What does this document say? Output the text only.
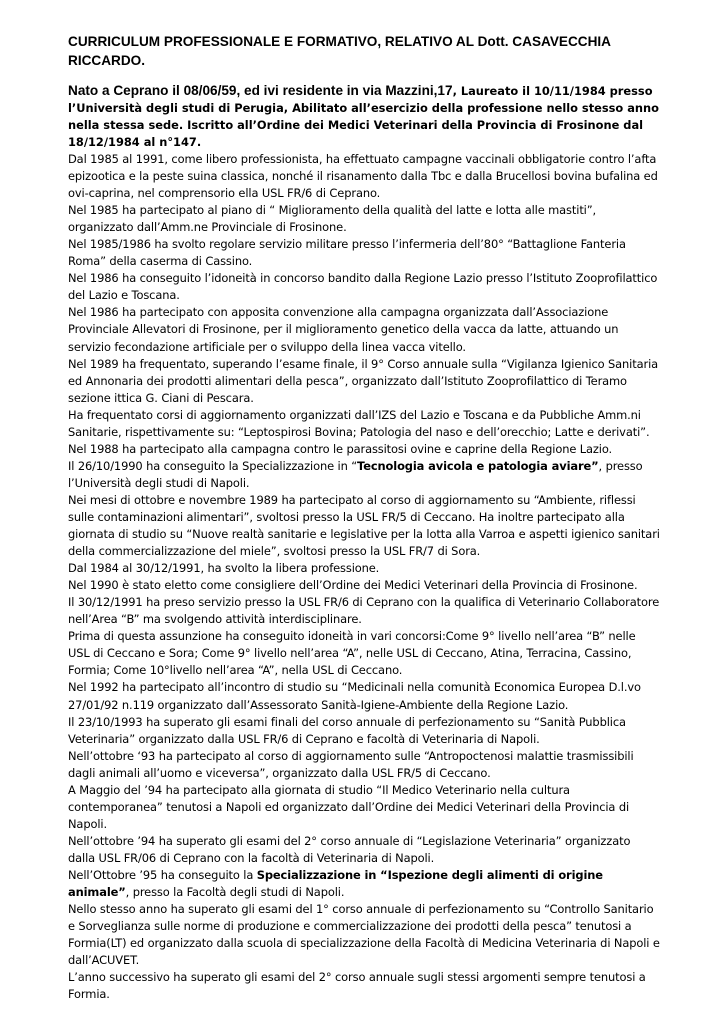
CURRICULUM PROFESSIONALE E FORMATIVO, RELATIVO AL Dott. CASAVECCHIA RICCARDO.

Nato a Ceprano il 08/06/59, ed ivi residente in via Mazzini,17, Laureato il 10/11/1984 presso l’Università degli studi di Perugia, Abilitato all’esercizio della professione nello stesso anno nella stessa sede. Iscritto all’Ordine dei Medici Veterinari della Provincia di Frosinone dal 18/12/1984 al n°147.

Dal 1985 al 1991, come libero professionista, ha effettuato campagne vaccinali obbligatorie contro l’afta epizootica e la peste suina classica, nonché il risanamento dalla Tbc e dalla Brucellosi bovina bufalina ed ovi-caprina, nel comprensorio ella USL FR/6 di Ceprano.

Nel 1985 ha partecipato al piano di “ Miglioramento della qualità del latte e lotta alle mastiti”, organizzato dall’Amm.ne Provinciale di Frosinone.

Nel 1985/1986 ha svolto regolare servizio militare presso l’infermeria dell’80° “Battaglione Fanteria Roma” della caserma di Cassino.

Nel 1986 ha conseguito l’idoneità in concorso bandito dalla Regione Lazio presso l’Istituto Zooprofilattico del Lazio e Toscana.

Nel 1986 ha partecipato con apposita convenzione alla campagna organizzata dall’Associazione Provinciale Allevatori di Frosinone, per il miglioramento genetico della vacca da latte, attuando un servizio fecondazione artificiale per o sviluppo della linea vacca vitello.

Nel 1989 ha frequentato, superando l’esame finale, il 9° Corso annuale sulla “Vigilanza Igienico Sanitaria ed Annonaria dei prodotti alimentari della pesca”, organizzato dall’Istituto Zooprofilattico di Teramo sezione ittica G. Ciani di Pescara.

Ha frequentato corsi di aggiornamento organizzati dall’IZS del Lazio e Toscana e da Pubbliche Amm.ni Sanitarie, rispettivamente su: “Leptospirosi Bovina; Patologia del naso e dell’orecchio; Latte e derivati”.

Nel 1988 ha partecipato alla campagna contro le parassitosi ovine e caprine della Regione Lazio.

Il 26/10/1990 ha conseguito la Specializzazione in “Tecnologia avicola e patologia aviare”, presso l’Università degli studi di Napoli.

Nei mesi di ottobre e novembre 1989 ha partecipato al corso di aggiornamento su “Ambiente, riflessi sulle contaminazioni alimentari”, svoltosi presso la USL FR/5 di Ceccano. Ha inoltre partecipato alla giornata di studio su “Nuove realtà sanitarie e legislative per la lotta alla Varroa e aspetti igienico sanitari della commercializzazione del miele”, svoltosi presso la USL FR/7 di Sora.

Dal 1984 al 30/12/1991, ha svolto la libera professione.

Nel 1990 è stato eletto come consigliere dell’Ordine dei Medici Veterinari della Provincia di Frosinone.

Il 30/12/1991 ha preso servizio presso la USL FR/6 di Ceprano con la qualifica di Veterinario Collaboratore nell’Area “B” ma svolgendo attività interdisciplinare.

Prima di questa assunzione ha conseguito idoneità in vari concorsi:Come 9° livello nell’area “B” nelle USL di Ceccano e Sora; Come 9° livello nell’area “A”, nelle USL di Ceccano, Atina, Terracina, Cassino, Formia; Come 10°livello nell’area “A”, nella USL di Ceccano.

Nel 1992 ha partecipato all’incontro di studio su “Medicinali nella comunità Economica Europea D.l.vo 27/01/92 n.119 organizzato dall’Assessorato Sanità-Igiene-Ambiente della Regione Lazio.

Il 23/10/1993 ha superato gli esami finali del corso annuale di perfezionamento su “Sanità Pubblica Veterinaria” organizzato dalla USL FR/6 di Ceprano e facoltà di Veterinaria di Napoli.

Nell’ottobre ‘93 ha partecipato al corso di aggiornamento sulle “Antropoctenosi malattie trasmissibili dagli animali all’uomo e viceversa”, organizzato dalla USL FR/5 di Ceccano.

A Maggio del ’94 ha partecipato alla giornata di studio “Il Medico Veterinario nella cultura contemporanea” tenutosi a Napoli ed organizzato dall’Ordine dei Medici Veterinari della Provincia di Napoli.

Nell’ottobre ’94 ha superato gli esami del 2° corso annuale di “Legislazione Veterinaria” organizzato dalla USL FR/06 di Ceprano con la facoltà di Veterinaria di Napoli.

Nell’Ottobre ’95 ha conseguito la Specializzazione in “Ispezione degli alimenti di origine animale”, presso la Facoltà degli studi di Napoli.

Nello stesso anno ha superato gli esami del 1° corso annuale di perfezionamento su “Controllo Sanitario e Sorveglianza sulle norme di produzione e commercializzazione dei prodotti della pesca” tenutosi a Formia(LT) ed organizzato dalla scuola di specializzazione della Facoltà di Medicina Veterinaria di Napoli e dall’ACUVET.

L’anno successivo ha superato gli esami del 2° corso annuale sugli stessi argomenti sempre tenutosi a Formia.
